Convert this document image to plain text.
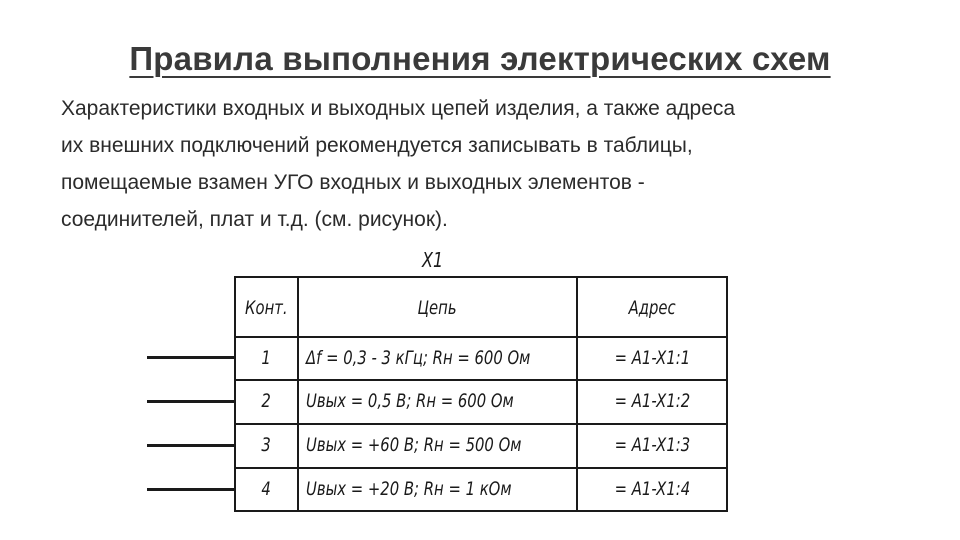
Правила выполнения электрических схем
Характеристики входных и выходных цепей изделия, а также адреса
их внешних подключений рекомендуется записывать в таблицы,
помещаемые взамен УГО входных и выходных элементов -
соединителей, плат и т.д. (см. рисунок).
X1
Конт.	Цепь	Адрес
1 Δf = 0,3 - 3 кГц; Rн = 600 Ом	= A1-X1:1
2 Uвых = 0,5 В; Rн = 600 Ом	= A1-X1:2
3 Uвых = +60 В; Rн = 500 Ом	= A1-X1:3
4 Uвых = +20 В; Rн = 1 кОм	= A1-X1:4
